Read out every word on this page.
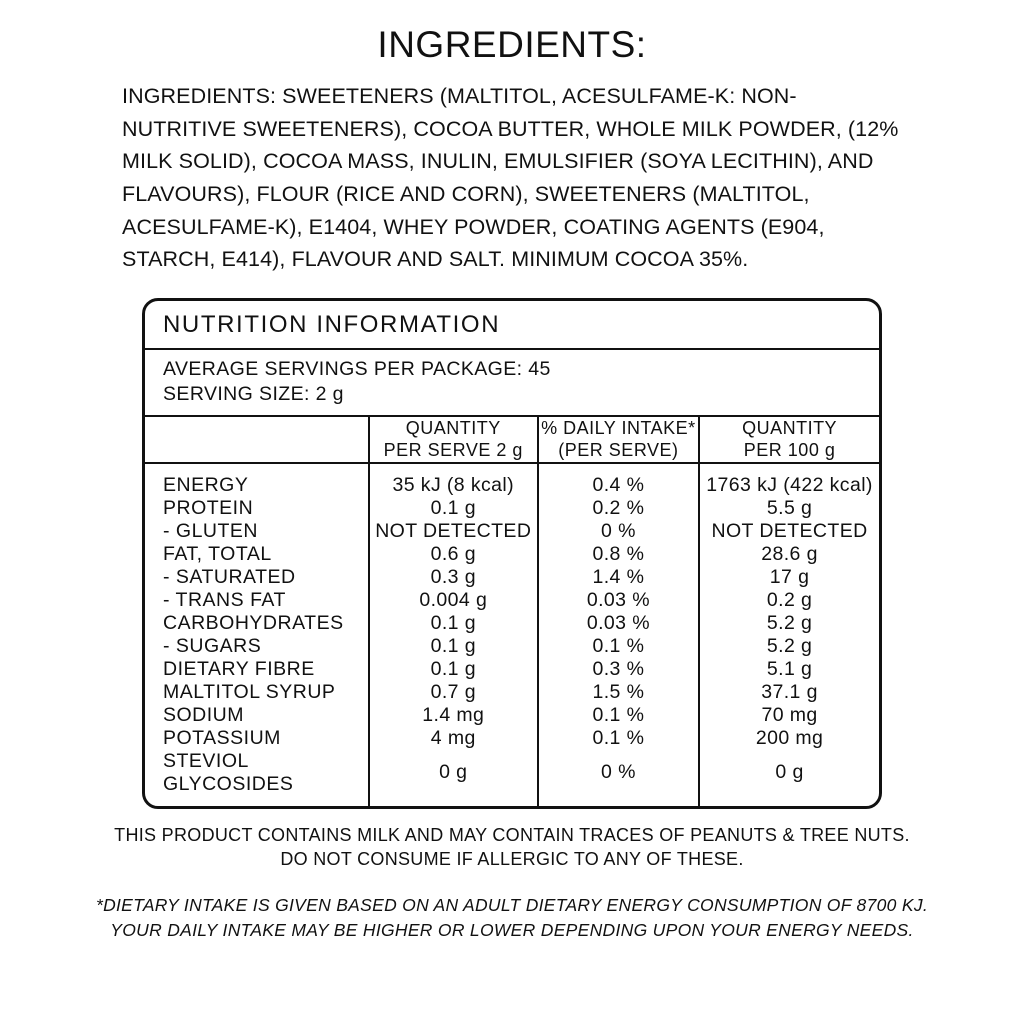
INGREDIENTS:
INGREDIENTS: SWEETENERS (MALTITOL, ACESULFAME-K: NON-NUTRITIVE SWEETENERS), COCOA BUTTER, WHOLE MILK POWDER, (12% MILK SOLID), COCOA MASS, INULIN, EMULSIFIER (SOYA LECITHIN), AND FLAVOURS), FLOUR (RICE AND CORN), SWEETENERS (MALTITOL, ACESULFAME-K), E1404, WHEY POWDER, COATING AGENTS (E904, STARCH, E414), FLAVOUR AND SALT. MINIMUM COCOA 35%.
NUTRITION INFORMATION
AVERAGE SERVINGS PER PACKAGE: 45
SERVING SIZE: 2 g

QUANTITY
PER SERVE 2 g

% DAILY INTAKE*
(PER SERVE)

QUANTITY
PER 100 g

ENERGY	35 kJ (8 kcal)	0.4 %	1763 kJ (422 kcal)
PROTEIN	0.1 g	0.2 %	5.5 g
- GLUTEN	NOT DETECTED	0 %	NOT DETECTED
FAT, TOTAL	0.6 g	0.8 %	28.6 g
- SATURATED	0.3 g	1.4 %	17 g
- TRANS FAT	0.004 g	0.03 %	0.2 g
CARBOHYDRATES	0.1 g	0.03 %	5.2 g
- SUGARS	0.1 g	0.1 %	5.2 g
DIETARY FIBRE	0.1 g	0.3 %	5.1 g
MALTITOL SYRUP	0.7 g	1.5 %	37.1 g
SODIUM	1.4 mg	0.1 %	70 mg
POTASSIUM	4 mg	0.1 %	200 mg
STEVIOL GLYCOSIDES	0 g	0 %	0 g
THIS PRODUCT CONTAINS MILK AND MAY CONTAIN TRACES OF PEANUTS & TREE NUTS.
DO NOT CONSUME IF ALLERGIC TO ANY OF THESE.
*DIETARY INTAKE IS GIVEN BASED ON AN ADULT DIETARY ENERGY CONSUMPTION OF 8700 KJ.
YOUR DAILY INTAKE MAY BE HIGHER OR LOWER DEPENDING UPON YOUR ENERGY NEEDS.
